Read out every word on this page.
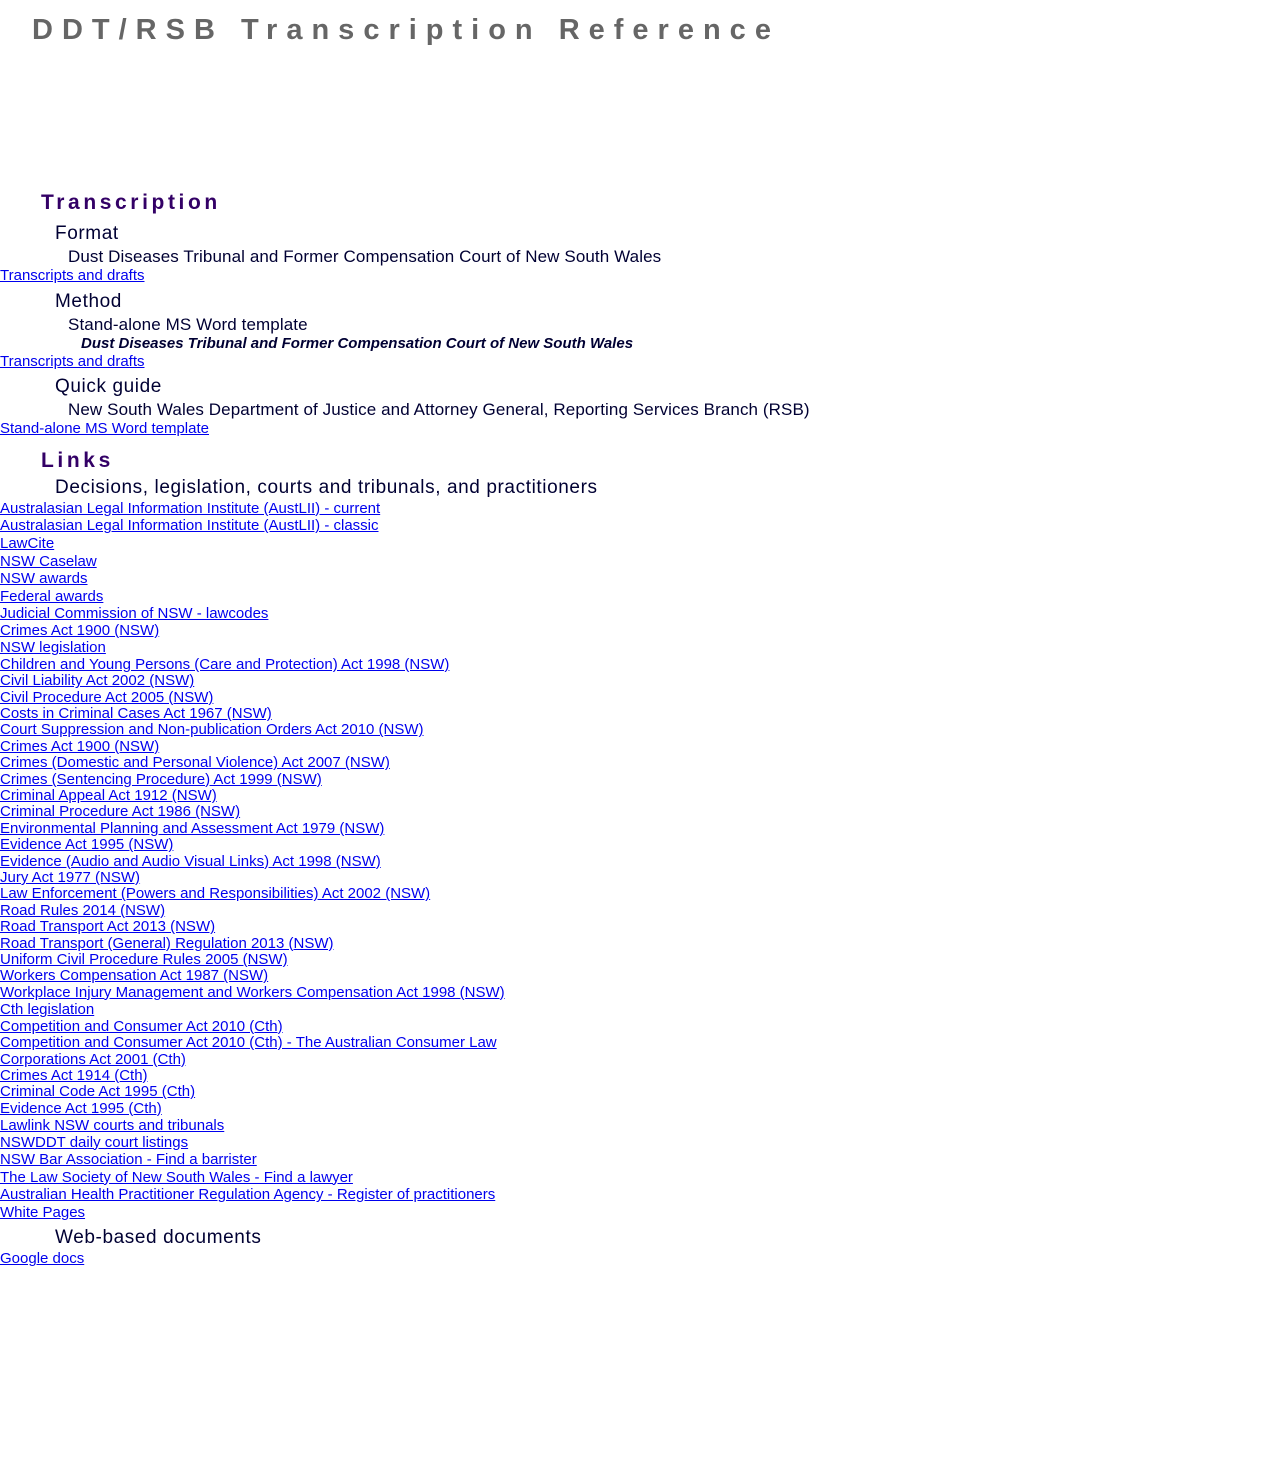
DDT/RSB Transcription Reference
Transcription
Format
Dust Diseases Tribunal and Former Compensation Court of New South Wales
Transcripts and drafts
Method
Stand-alone MS Word template
Dust Diseases Tribunal and Former Compensation Court of New South Wales
Transcripts and drafts
Quick guide
New South Wales Department of Justice and Attorney General, Reporting Services Branch (RSB)
Stand-alone MS Word template
Links
Decisions, legislation, courts and tribunals, and practitioners
Australasian Legal Information Institute (AustLII) - current
Australasian Legal Information Institute (AustLII) - classic
LawCite
NSW Caselaw
NSW awards
Federal awards
Judicial Commission of NSW - lawcodes
Crimes Act 1900 (NSW)
NSW legislation
Children and Young Persons (Care and Protection) Act 1998 (NSW)
Civil Liability Act 2002 (NSW)
Civil Procedure Act 2005 (NSW)
Costs in Criminal Cases Act 1967 (NSW)
Court Suppression and Non-publication Orders Act 2010 (NSW)
Crimes Act 1900 (NSW)
Crimes (Domestic and Personal Violence) Act 2007 (NSW)
Crimes (Sentencing Procedure) Act 1999 (NSW)
Criminal Appeal Act 1912 (NSW)
Criminal Procedure Act 1986 (NSW)
Environmental Planning and Assessment Act 1979 (NSW)
Evidence Act 1995 (NSW)
Evidence (Audio and Audio Visual Links) Act 1998 (NSW)
Jury Act 1977 (NSW)
Law Enforcement (Powers and Responsibilities) Act 2002 (NSW)
Road Rules 2014 (NSW)
Road Transport Act 2013 (NSW)
Road Transport (General) Regulation 2013 (NSW)
Uniform Civil Procedure Rules 2005 (NSW)
Workers Compensation Act 1987 (NSW)
Workplace Injury Management and Workers Compensation Act 1998 (NSW)
Cth legislation
Competition and Consumer Act 2010 (Cth)
Competition and Consumer Act 2010 (Cth) - The Australian Consumer Law
Corporations Act 2001 (Cth)
Crimes Act 1914 (Cth)
Criminal Code Act 1995 (Cth)
Evidence Act 1995 (Cth)
Lawlink NSW courts and tribunals
NSWDDT daily court listings
NSW Bar Association - Find a barrister
The Law Society of New South Wales - Find a lawyer
Australian Health Practitioner Regulation Agency - Register of practitioners
White Pages
Web-based documents
Google docs
